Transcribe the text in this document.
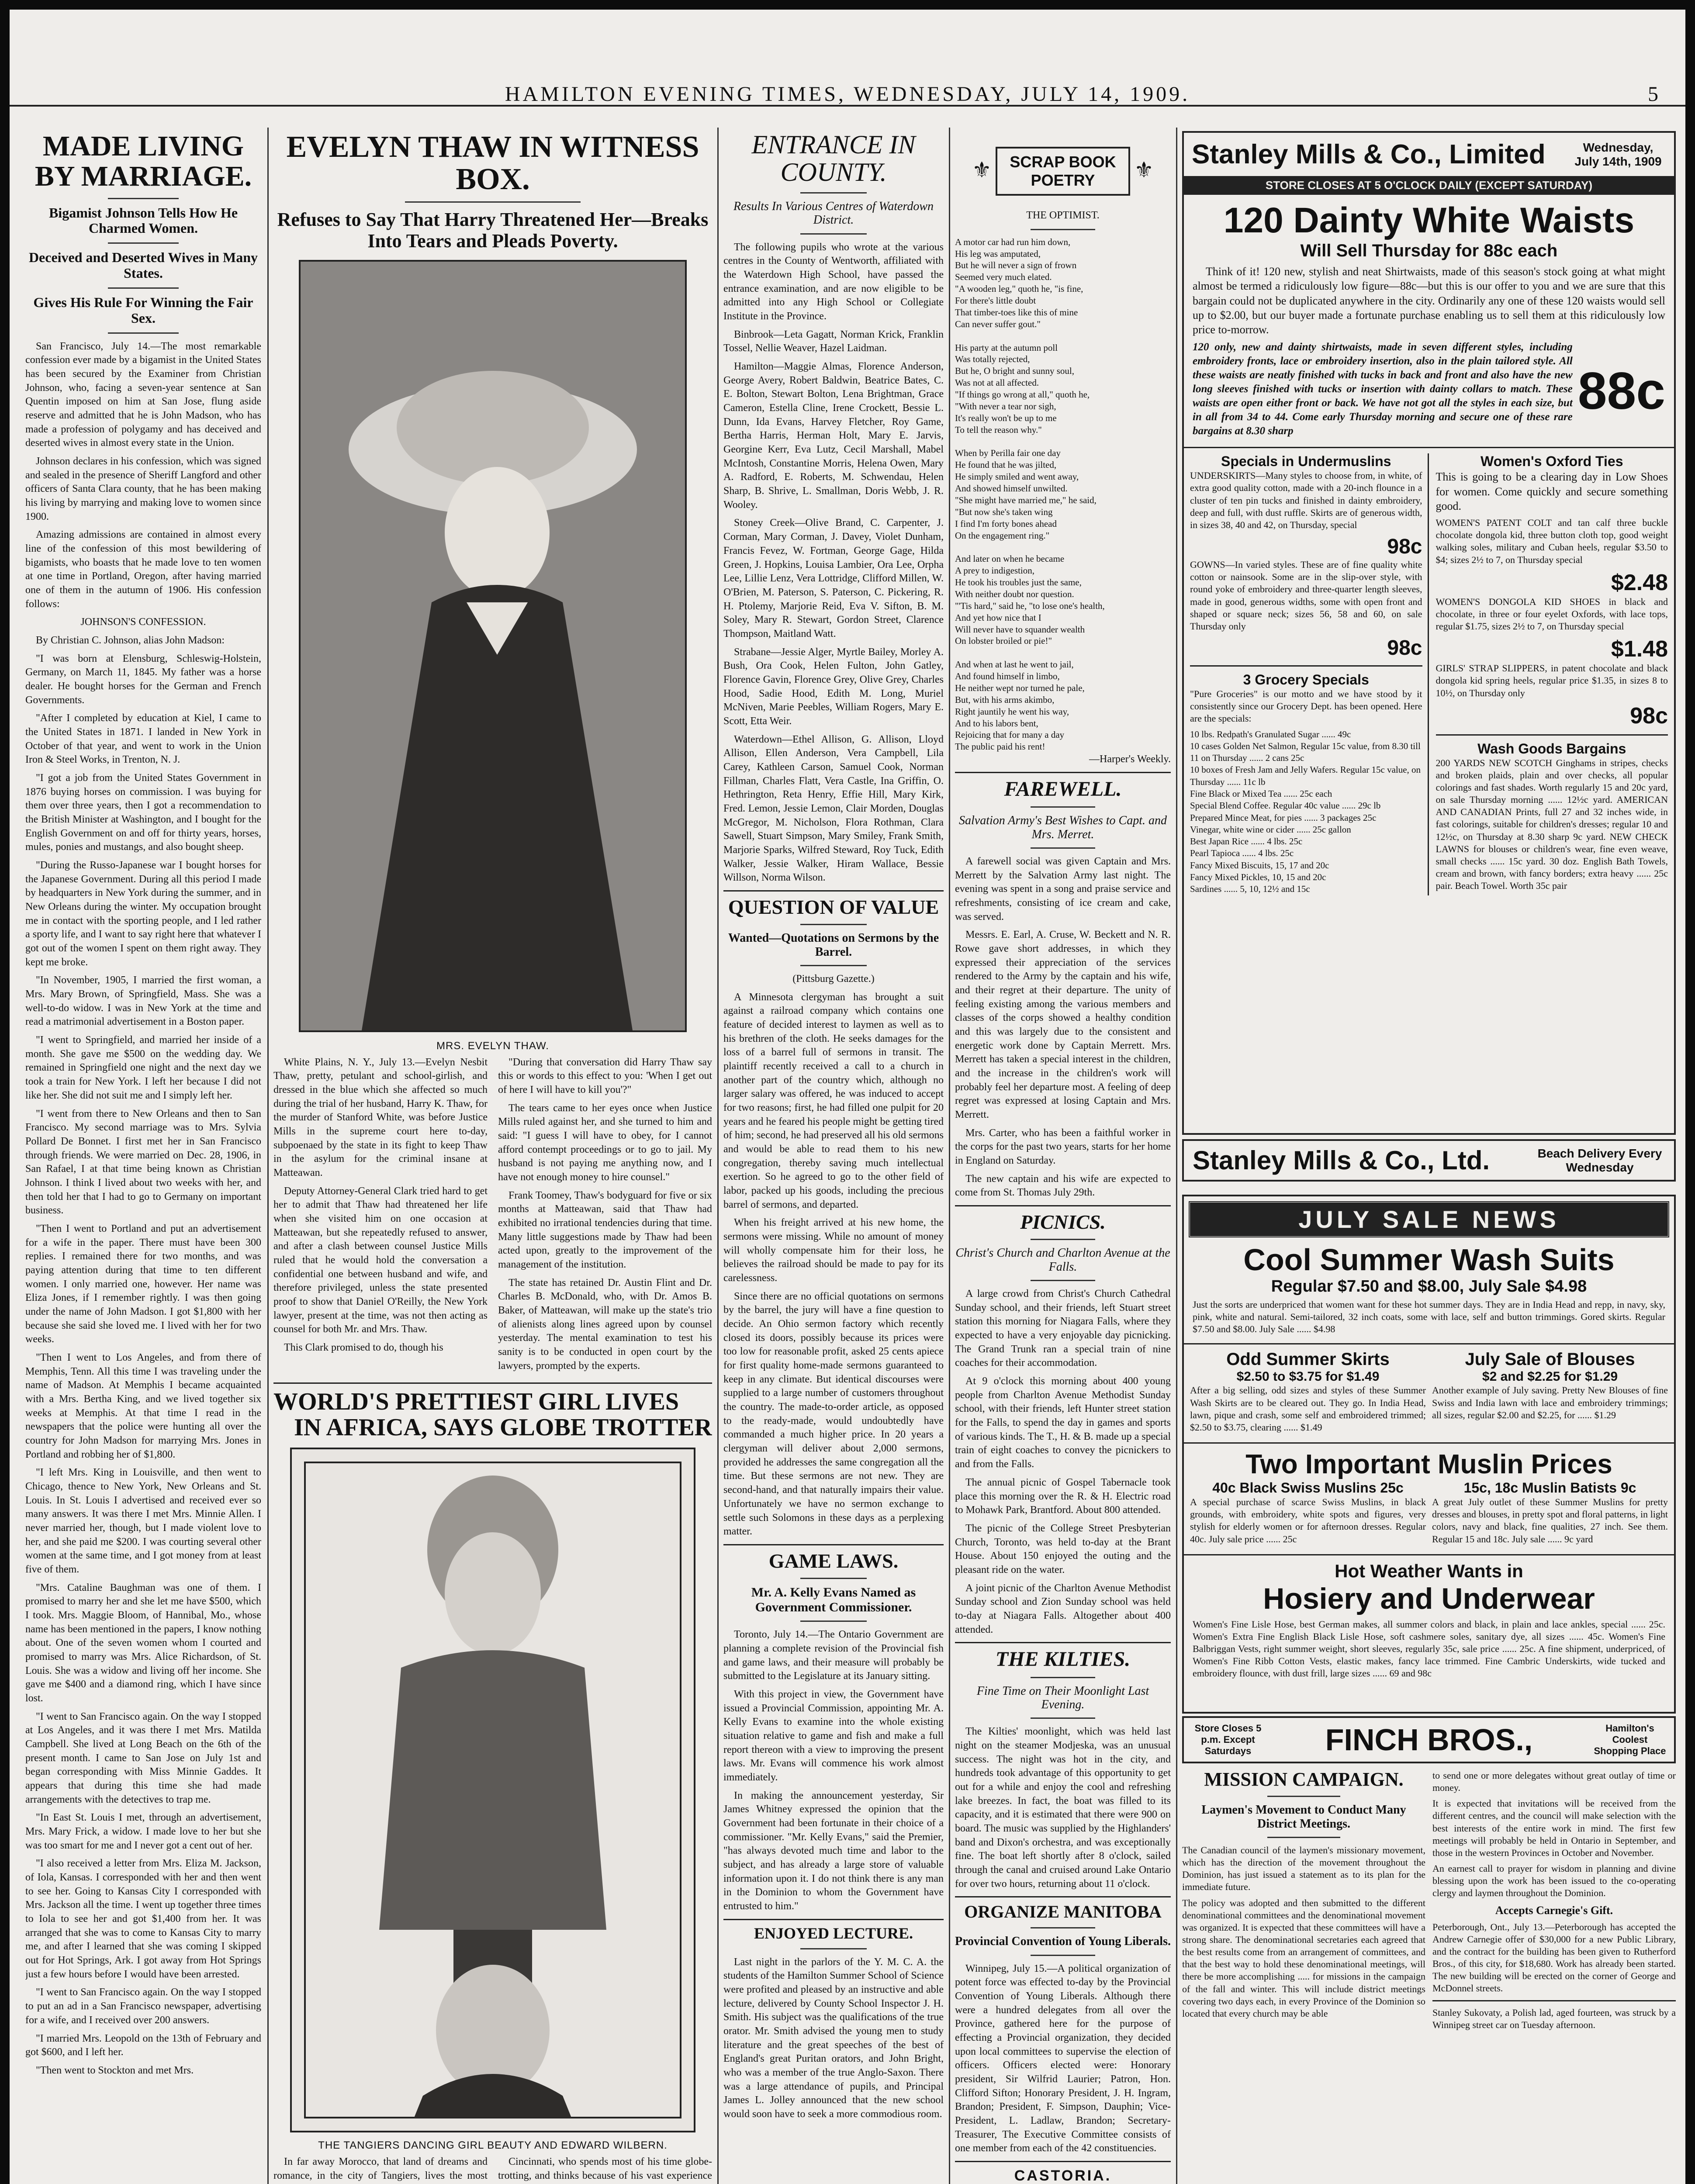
HAMILTON EVENING TIMES, WEDNESDAY, JULY 14, 1909.	5
MADE LIVING BY MARRIAGE.

Bigamist Johnson Tells How He Charmed Women.

Deceived and Deserted Wives in Many States.

Gives His Rule For Winning the Fair Sex.

San Francisco, July 14.—The most remarkable confession ever made by a bigamist in the United States has been secured by the Examiner from Christian Johnson, who, facing a seven-year sentence at San Quentin imposed on him at San Jose, flung aside reserve and admitted that he is John Madson, who has made a profession of polygamy and has deceived and deserted wives in almost every state in the Union.

Johnson declares in his confession, which was signed and sealed in the presence of Sheriff Langford and other officers of Santa Clara county, that he has been making his living by marrying and making love to women since 1900.

Amazing admissions are contained in almost every line of the confession of this most bewildering of bigamists, who boasts that he made love to ten women at one time in Portland, Oregon, after having married one of them in the autumn of 1906. His confession follows:

JOHNSON'S CONFESSION.

By Christian C. Johnson, alias John Madson:

"I was born at Elensburg, Schleswig-Holstein, Germany, on March 11, 1845. My father was a horse dealer. He bought horses for the German and French Governments.

"After I completed by education at Kiel, I came to the United States in 1871. I landed in New York in October of that year, and went to work in the Union Iron & Steel Works, in Trenton, N. J.

"I got a job from the United States Government in 1876 buying horses on commission. I was buying for them over three years, then I got a recommendation to the British Minister at Washington, and I bought for the English Government on and off for thirty years, horses, mules, ponies and mustangs, and also bought sheep.

"During the Russo-Japanese war I bought horses for the Japanese Government. During all this period I made by headquarters in New York during the summer, and in New Orleans during the winter. My occupation brought me in contact with the sporting people, and I led rather a sporty life, and I want to say right here that whatever I got out of the women I spent on them right away. They kept me broke.

"In November, 1905, I married the first woman, a Mrs. Mary Brown, of Springfield, Mass. She was a well-to-do widow. I was in New York at the time and read a matrimonial advertisement in a Boston paper.

"I went to Springfield, and married her inside of a month. She gave me $500 on the wedding day. We remained in Springfield one night and the next day we took a train for New York. I left her because I did not like her. She did not suit me and I simply left her.

"I went from there to New Orleans and then to San Francisco. My second marriage was to Mrs. Sylvia Pollard De Bonnet. I first met her in San Francisco through friends. We were married on Dec. 28, 1906, in San Rafael, I at that time being known as Christian Johnson. I think I lived about two weeks with her, and then told her that I had to go to Germany on important business.

"Then I went to Portland and put an advertisement for a wife in the paper. There must have been 300 replies. I remained there for two months, and was paying attention during that time to ten different women. I only married one, however. Her name was Eliza Jones, if I remember rightly. I was then going under the name of John Madson. I got $1,800 with her because she said she loved me. I lived with her for two weeks.

"Then I went to Los Angeles, and from there of Memphis, Tenn. All this time I was traveling under the name of Madson. At Memphis I became acquainted with a Mrs. Bertha King, and we lived together six weeks at Memphis. At that time I read in the newspapers that the police were hunting all over the country for John Madson for marrying Mrs. Jones in Portland and robbing her of $1,800.

"I left Mrs. King in Louisville, and then went to Chicago, thence to New York, New Orleans and St. Louis. In St. Louis I advertised and received ever so many answers. It was there I met Mrs. Minnie Allen. I never married her, though, but I made violent love to her, and she paid me $200. I was courting several other women at the same time, and I got money from at least five of them.

"Mrs. Cataline Baughman was one of them. I promised to marry her and she let me have $500, which I took. Mrs. Maggie Bloom, of Hannibal, Mo., whose name has been mentioned in the papers, I know nothing about. One of the seven women whom I courted and promised to marry was Mrs. Alice Richardson, of St. Louis. She was a widow and living off her income. She gave me $400 and a diamond ring, which I have since lost.

"I went to San Francisco again. On the way I stopped at Los Angeles, and it was there I met Mrs. Matilda Campbell. She lived at Long Beach on the 6th of the present month. I came to San Jose on July 1st and began corresponding with Miss Minnie Gaddes. It appears that during this time she had made arrangements with the detectives to trap me.

"In East St. Louis I met, through an advertisement, Mrs. Mary Frick, a widow. I made love to her but she was too smart for me and I never got a cent out of her.

"I also received a letter from Mrs. Eliza M. Jackson, of Iola, Kansas. I corresponded with her and then went to see her. Going to Kansas City I corresponded with Mrs. Jackson all the time. I went up together three times to Iola to see her and got $1,400 from her. It was arranged that she was to come to Kansas City to marry me, and after I learned that she was coming I skipped out for Hot Springs, Ark. I got away from Hot Springs just a few hours before I would have been arrested.

"I went to San Francisco again. On the way I stopped to put an ad in a San Francisco newspaper, advertising for a wife, and I received over 200 answers.

"I married Mrs. Leopold on the 13th of February and got $600, and I left her.

"Then went to Stockton and met Mrs.

EVELYN THAW IN WITNESS BOX.

Refuses to Say That Harry Threatened Her—Breaks Into Tears and Pleads Poverty.

MRS. EVELYN THAW.

White Plains, N. Y., July 13.—Evelyn Nesbit Thaw, pretty, petulant and school-girlish, and dressed in the blue which she affected so much during the trial of her husband, Harry K. Thaw, for the murder of Stanford White, was before Justice Mills in the supreme court here to-day, subpoenaed by the state in its fight to keep Thaw in the asylum for the criminal insane at Matteawan.

Deputy Attorney-General Clark tried hard to get her to admit that Thaw had threatened her life when she visited him on one occasion at Matteawan, but she repeatedly refused to answer, and after a clash between counsel Justice Mills ruled that he would hold the conversation a confidential one between husband and wife, and therefore privileged, unless the state presented proof to show that Daniel O'Reilly, the New York lawyer, present at the time, was not then acting as counsel for both Mr. and Mrs. Thaw.

This Clark promised to do, though his

"During that conversation did Harry Thaw say this or words to this effect to you: 'When I get out of here I will have to kill you'?"

The tears came to her eyes once when Justice Mills ruled against her, and she turned to him and said: "I guess I will have to obey, for I cannot afford contempt proceedings or to go to jail. My husband is not paying me anything now, and I have not enough money to hire counsel."

Frank Toomey, Thaw's bodyguard for five or six months at Matteawan, said that Thaw had exhibited no irrational tendencies during that time. Many little suggestions made by Thaw had been acted upon, greatly to the improvement of the management of the institution.

The state has retained Dr. Austin Flint and Dr. Charles B. McDonald, who, with Dr. Amos B. Baker, of Matteawan, will make up the state's trio of alienists along lines agreed upon by counsel yesterday. The mental examination to test his sanity is to be conducted in open court by the lawyers, prompted by the experts.

WORLD'S PRETTIEST GIRL LIVES
IN AFRICA, SAYS GLOBE TROTTER

THE TANGIERS DANCING GIRL BEAUTY AND EDWARD WILBERN.

In far away Morocco, that land of dreams and romance, in the city of Tangiers, lives the most

Cincinnati, who spends most of his time globe-trotting, and thinks because of his vast experience

ENTRANCE IN COUNTY.

Results In Various Centres of Waterdown District.

The following pupils who wrote at the various centres in the County of Wentworth, affiliated with the Waterdown High School, have passed the entrance examination, and are now eligible to be admitted into any High School or Collegiate Institute in the Province.

Binbrook—Leta Gagatt, Norman Krick, Franklin Tossel, Nellie Weaver, Hazel Laidman.

Hamilton—Maggie Almas, Florence Anderson, George Avery, Robert Baldwin, Beatrice Bates, C. E. Bolton, Stewart Bolton, Lena Brightman, Grace Cameron, Estella Cline, Irene Crockett, Bessie L. Dunn, Ida Evans, Harvey Fletcher, Roy Game, Bertha Harris, Herman Holt, Mary E. Jarvis, Georgine Kerr, Eva Lutz, Cecil Marshall, Mabel McIntosh, Constantine Morris, Helena Owen, Mary A. Radford, E. Roberts, M. Schwendau, Helen Sharp, B. Shrive, L. Smallman, Doris Webb, J. R. Wooley.

Stoney Creek—Olive Brand, C. Carpenter, J. Corman, Mary Corman, J. Davey, Violet Dunham, Francis Fevez, W. Fortman, George Gage, Hilda Green, J. Hopkins, Louisa Lambier, Ora Lee, Orpha Lee, Lillie Lenz, Vera Lottridge, Clifford Millen, W. O'Brien, M. Paterson, S. Paterson, C. Pickering, R. H. Ptolemy, Marjorie Reid, Eva V. Sifton, B. M. Soley, Mary R. Stewart, Gordon Street, Clarence Thompson, Maitland Watt.

Strabane—Jessie Alger, Myrtle Bailey, Morley A. Bush, Ora Cook, Helen Fulton, John Gatley, Florence Gavin, Florence Grey, Olive Grey, Charles Hood, Sadie Hood, Edith M. Long, Muriel McNiven, Marie Peebles, William Rogers, Mary E. Scott, Etta Weir.

Waterdown—Ethel Allison, G. Allison, Lloyd Allison, Ellen Anderson, Vera Campbell, Lila Carey, Kathleen Carson, Samuel Cook, Norman Fillman, Charles Flatt, Vera Castle, Ina Griffin, O. Hethrington, Reta Henry, Effie Hill, Mary Kirk, Fred. Lemon, Jessie Lemon, Clair Morden, Douglas McGregor, M. Nicholson, Flora Rothman, Clara Sawell, Stuart Simpson, Mary Smiley, Frank Smith, Marjorie Sparks, Wilfred Steward, Roy Tuck, Edith Walker, Jessie Walker, Hiram Wallace, Bessie Willson, Norma Wilson.

QUESTION OF VALUE

Wanted—Quotations on Sermons by the Barrel.

(Pittsburg Gazette.)

A Minnesota clergyman has brought a suit against a railroad company which contains one feature of decided interest to laymen as well as to his brethren of the cloth. He seeks damages for the loss of a barrel full of sermons in transit. The plaintiff recently received a call to a church in another part of the country which, although no larger salary was offered, he was induced to accept for two reasons; first, he had filled one pulpit for 20 years and he feared his people might be getting tired of him; second, he had preserved all his old sermons and would be able to read them to his new congregation, thereby saving much intellectual exertion. So he agreed to go to the other field of labor, packed up his goods, including the precious barrel of sermons, and departed.

When his freight arrived at his new home, the sermons were missing. While no amount of money will wholly compensate him for their loss, he believes the railroad should be made to pay for its carelessness.

Since there are no official quotations on sermons by the barrel, the jury will have a fine question to decide. An Ohio sermon factory which recently closed its doors, possibly because its prices were too low for reasonable profit, asked 25 cents apiece for first quality home-made sermons guaranteed to keep in any climate. But identical discourses were supplied to a large number of customers throughout the country. The made-to-order article, as opposed to the ready-made, would undoubtedly have commanded a much higher price. In 20 years a clergyman will deliver about 2,000 sermons, provided he addresses the same congregation all the time. But these sermons are not new. They are second-hand, and that naturally impairs their value. Unfortunately we have no sermon exchange to settle such Solomons in these days as a perplexing matter.

GAME LAWS.

Mr. A. Kelly Evans Named as Government Commissioner.

Toronto, July 14.—The Ontario Government are planning a complete revision of the Provincial fish and game laws, and their measure will probably be submitted to the Legislature at its January sitting.

With this project in view, the Government have issued a Provincial Commission, appointing Mr. A. Kelly Evans to examine into the whole existing situation relative to game and fish and make a full report thereon with a view to improving the present laws. Mr. Evans will commence his work almost immediately.

In making the announcement yesterday, Sir James Whitney expressed the opinion that the Government had been fortunate in their choice of a commissioner. "Mr. Kelly Evans," said the Premier, "has always devoted much time and labor to the subject, and has already a large store of valuable information upon it. I do not think there is any man in the Dominion to whom the Government have entrusted to him."

ENJOYED LECTURE.

Last night in the parlors of the Y. M. C. A. the students of the Hamilton Summer School of Science were profited and pleased by an instructive and able lecture, delivered by County School Inspector J. H. Smith. His subject was the qualifications of the true orator. Mr. Smith advised the young men to study literature and the great speeches of the best of England's great Puritan orators, and John Bright, who was a member of the true Anglo-Saxon. There was a large attendance of pupils, and Principal James L. Jolley announced that the new school would soon have to seek a more commodious room.

⚜	SCRAP BOOK
POETRY	⚜

THE OPTIMIST.

A motor car had run him down,
His leg was amputated,
But he will never a sign of frown
Seemed very much elated.
"A wooden leg," quoth he, "is fine,
For there's little doubt
That timber-toes like this of mine
Can never suffer gout."

His party at the autumn poll
Was totally rejected,
But he, O bright and sunny soul,
Was not at all affected.
"If things go wrong at all," quoth he,
"With never a tear nor sigh,
It's really won't be up to me
To tell the reason why."

When by Perilla fair one day
He found that he was jilted,
He simply smiled and went away,
And showed himself unwilted.
"She might have married me," he said,
"But now she's taken wing
I find I'm forty bones ahead
On the engagement ring."

And later on when he became
A prey to indigestion,
He took his troubles just the same,
With neither doubt nor question.
"'Tis hard," said he, "to lose one's health,
And yet how nice that I
Will never have to squander wealth
On lobster broiled or pie!"

And when at last he went to jail,
And found himself in limbo,
He neither wept nor turned he pale,
But, with his arms akimbo,
Right jauntily he went his way,
And to his labors bent,
Rejoicing that for many a day
The public paid his rent!

—Harper's Weekly.

FAREWELL.

Salvation Army's Best Wishes to Capt. and Mrs. Merret.

A farewell social was given Captain and Mrs. Merrett by the Salvation Army last night. The evening was spent in a song and praise service and refreshments, consisting of ice cream and cake, was served.

Messrs. E. Earl, A. Cruse, W. Beckett and N. R. Rowe gave short addresses, in which they expressed their appreciation of the services rendered to the Army by the captain and his wife, and their regret at their departure. The unity of feeling existing among the various members and classes of the corps showed a healthy condition and this was largely due to the consistent and energetic work done by Captain Merrett. Mrs. Merrett has taken a special interest in the children, and the increase in the children's work will probably feel her departure most. A feeling of deep regret was expressed at losing Captain and Mrs. Merrett.

Mrs. Carter, who has been a faithful worker in the corps for the past two years, starts for her home in England on Saturday.

The new captain and his wife are expected to come from St. Thomas July 29th.

PICNICS.

Christ's Church and Charlton Avenue at the Falls.

A large crowd from Christ's Church Cathedral Sunday school, and their friends, left Stuart street station this morning for Niagara Falls, where they expected to have a very enjoyable day picnicking. The Grand Trunk ran a special train of nine coaches for their accommodation.

At 9 o'clock this morning about 400 young people from Charlton Avenue Methodist Sunday school, with their friends, left Hunter street station for the Falls, to spend the day in games and sports of various kinds. The T., H. & B. made up a special train of eight coaches to convey the picnickers to and from the Falls.

The annual picnic of Gospel Tabernacle took place this morning over the R. & H. Electric road to Mohawk Park, Brantford. About 800 attended.

The picnic of the College Street Presbyterian Church, Toronto, was held to-day at the Brant House. About 150 enjoyed the outing and the pleasant ride on the water.

A joint picnic of the Charlton Avenue Methodist Sunday school and Zion Sunday school was held to-day at Niagara Falls. Altogether about 400 attended.

THE KILTIES.

Fine Time on Their Moonlight Last Evening.

The Kilties' moonlight, which was held last night on the steamer Modjeska, was an unusual success. The night was hot in the city, and hundreds took advantage of this opportunity to get out for a while and enjoy the cool and refreshing lake breezes. In fact, the boat was filled to its capacity, and it is estimated that there were 900 on board. The music was supplied by the Highlanders' band and Dixon's orchestra, and was exceptionally fine. The boat left shortly after 8 o'clock, sailed through the canal and cruised around Lake Ontario for over two hours, returning about 11 o'clock.

ORGANIZE MANITOBA

Provincial Convention of Young Liberals.

Winnipeg, July 15.—A political organization of potent force was effected to-day by the Provincial Convention of Young Liberals. Although there were a hundred delegates from all over the Province, gathered here for the purpose of effecting a Provincial organization, they decided upon local committees to supervise the election of officers. Officers elected were: Honorary president, Sir Wilfrid Laurier; Patron, Hon. Clifford Sifton; Honorary President, J. H. Ingram, Brandon; President, F. Simpson, Dauphin; Vice-President, L. Ladlaw, Brandon; Secretary-Treasurer, The Executive Committee consists of one member from each of the 42 constituencies.

CASTORIA.
Stanley Mills & Co., Limited	Wednesday, July 14th, 1909
STORE CLOSES AT 5 O'CLOCK DAILY (EXCEPT SATURDAY)
120 Dainty White Waists
Will Sell Thursday for 88c each

Think of it! 120 new, stylish and neat Shirtwaists, made of this season's stock going at what might almost be termed a ridiculously low figure—88c—but this is our offer to you and we are sure that this bargain could not be duplicated anywhere in the city. Ordinarily any one of these 120 waists would sell up to $2.00, but our buyer made a fortunate purchase enabling us to sell them at this ridiculously low price to-morrow.

120 only, new and dainty shirtwaists, made in seven different styles, including embroidery fronts, lace or embroidery insertion, also in the plain tailored style. All these waists are neatly finished with tucks in back and front and also have the new long sleeves finished with tucks or insertion with dainty collars to match. These waists are open either front or back. We have not got all the styles in each size, but in all from 34 to 44. Come early Thursday morning and secure one of these rare bargains at 8.30 sharp

88c
Specials in Undermuslins

UNDERSKIRTS—Many styles to choose from, in white, of extra good quality cotton, made with a 20-inch flounce in a cluster of ten pin tucks and finished in dainty embroidery, deep and full, with dust ruffle. Skirts are of generous width, in sizes 38, 40 and 42, on Thursday, special

98c

GOWNS—In varied styles. These are of fine quality white cotton or nainsook. Some are in the slip-over style, with round yoke of embroidery and three-quarter length sleeves, made in good, generous widths, some with open front and shaped or square neck; sizes 56, 58 and 60, on sale Thursday only

98c
3 Grocery Specials

"Pure Groceries" is our motto and we have stood by it consistently since our Grocery Dept. has been opened. Here are the specials:

10 lbs. Redpath's Granulated Sugar ...... 49c
10 cases Golden Net Salmon, Regular 15c value, from 8.30 till 11 on Thursday ...... 2 cans 25c
10 boxes of Fresh Jam and Jelly Wafers. Regular 15c value, on Thursday ...... 11c lb
Fine Black or Mixed Tea ...... 25c each
Special Blend Coffee. Regular 40c value ...... 29c lb
Prepared Mince Meat, for pies ...... 3 packages 25c
Vinegar, white wine or cider ...... 25c gallon
Best Japan Rice ...... 4 lbs. 25c
Pearl Tapioca ...... 4 lbs. 25c
Fancy Mixed Biscuits, 15, 17 and 20c
Fancy Mixed Pickles, 10, 15 and 20c
Sardines ...... 5, 10, 12½ and 15c
Women's Oxford Ties

This is going to be a clearing day in Low Shoes for women. Come quickly and secure something good.

WOMEN'S PATENT COLT and tan calf three buckle chocolate dongola kid, three button cloth top, good weight walking soles, military and Cuban heels, regular $3.50 to $4; sizes 2½ to 7, on Thursday special

$2.48

WOMEN'S DONGOLA KID SHOES in black and chocolate, in three or four eyelet Oxfords, with lace tops, regular $1.75, sizes 2½ to 7, on Thursday special

$1.48

GIRLS' STRAP SLIPPERS, in patent chocolate and black dongola kid spring heels, regular price $1.35, in sizes 8 to 10½, on Thursday only

98c
Wash Goods Bargains

200 YARDS NEW SCOTCH Ginghams in stripes, checks and broken plaids, plain and over checks, all popular colorings and fast shades. Worth regularly 15 and 20c yard, on sale Thursday morning ...... 12½c yard. AMERICAN AND CANADIAN Prints, full 27 and 32 inches wide, in fast colorings, suitable for children's dresses; regular 10 and 12½c, on Thursday at 8.30 sharp 9c yard. NEW CHECK LAWNS for blouses or children's wear, fine even weave, small checks ...... 15c yard. 30 doz. English Bath Towels, cream and brown, with fancy borders; extra heavy ...... 25c pair. Beach Towel. Worth 35c pair

Stanley Mills & Co., Ltd.	Beach Delivery Every Wednesday
JULY SALE NEWS
Cool Summer Wash Suits
Regular $7.50 and $8.00, July Sale $4.98

Just the sorts are underpriced that women want for these hot summer days. They are in India Head and repp, in navy, sky, pink, white and natural. Semi-tailored, 32 inch coats, some with lace, self and button trimmings. Gored skirts. Regular $7.50 and $8.00. July Sale ...... $4.98

Odd Summer Skirts
$2.50 to $3.75 for $1.49

After a big selling, odd sizes and styles of these Summer Wash Skirts are to be cleared out. They go. In India Head, lawn, pique and crash, some self and embroidered trimmed; $2.50 to $3.75, clearing ...... $1.49

July Sale of Blouses
$2 and $2.25 for $1.29

Another example of July saving. Pretty New Blouses of fine Swiss and India lawn with lace and embroidery trimmings; all sizes, regular $2.00 and $2.25, for ...... $1.29

Two Important Muslin Prices
40c Black Swiss Muslins 25c

A special purchase of scarce Swiss Muslins, in black grounds, with embroidery, white spots and figures, very stylish for elderly women or for afternoon dresses. Regular 40c. July sale price ...... 25c

15c, 18c Muslin Batists 9c

A great July outlet of these Summer Muslins for pretty dresses and blouses, in pretty spot and floral patterns, in light colors, navy and black, fine qualities, 27 inch. See them. Regular 15 and 18c. July sale ...... 9c yard

Hot Weather Wants in
Hosiery and Underwear

Women's Fine Lisle Hose, best German makes, all summer colors and black, in plain and lace ankles, special ...... 25c. Women's Extra Fine English Black Lisle Hose, soft cashmere soles, sanitary dye, all sizes ...... 45c. Women's Fine Balbriggan Vests, right summer weight, short sleeves, regularly 35c, sale price ...... 25c. A fine shipment, underpriced, of Women's Fine Ribb Cotton Vests, elastic makes, fancy lace trimmed. Fine Cambric Underskirts, wide tucked and embroidery flounce, with dust frill, large sizes ...... 69 and 98c

Store Closes 5 p.m. Except Saturdays	FINCH BROS.,	Hamilton's Coolest Shopping Place
MISSION CAMPAIGN.

Laymen's Movement to Conduct Many District Meetings.

The Canadian council of the laymen's missionary movement, which has the direction of the movement throughout the Dominion, has just issued a statement as to its plan for the immediate future.

The policy was adopted and then submitted to the different denominational committees and the denominational movement was organized. It is expected that these committees will have a strong share. The denominational secretaries each agreed that the best results come from an arrangement of committees, and that the best way to hold these denominational meetings, will there be more accomplishing ..... for missions in the campaign of the fall and winter. This will include district meetings covering two days each, in every Province of the Dominion so located that every church may be able

to send one or more delegates without great outlay of time or money.

It is expected that invitations will be received from the different centres, and the council will make selection with the best interests of the entire work in mind. The first few meetings will probably be held in Ontario in September, and those in the western Provinces in October and November.

An earnest call to prayer for wisdom in planning and divine blessing upon the work has been issued to the co-operating clergy and laymen throughout the Dominion.

Accepts Carnegie's Gift.

Peterborough, Ont., July 13.—Peterborough has accepted the Andrew Carnegie offer of $30,000 for a new Public Library, and the contract for the building has been given to Rutherford Bros., of this city, for $18,680. Work has already been started. The new building will be erected on the corner of George and McDonnel streets.

Stanley Sukovaty, a Polish lad, aged fourteen, was struck by a Winnipeg street car on Tuesday afternoon.
